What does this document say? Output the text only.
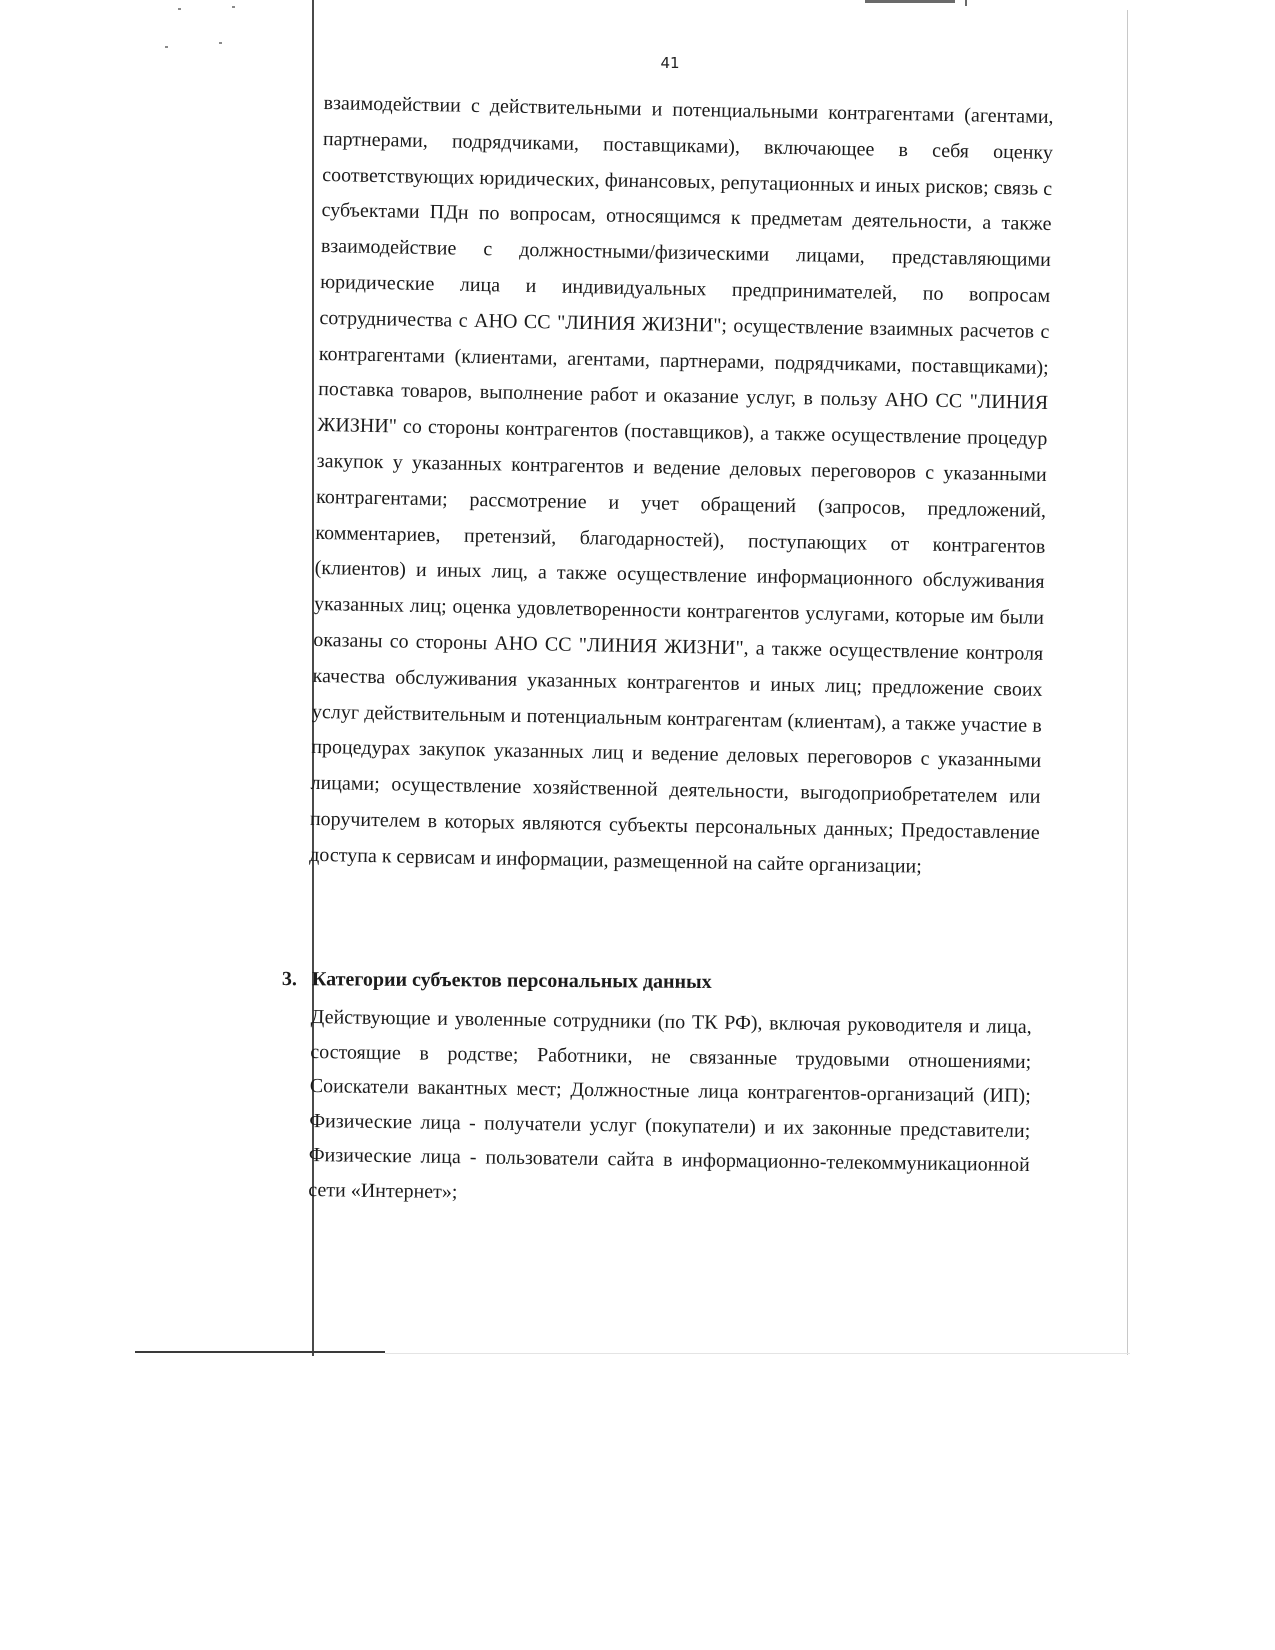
41

взаимодействии с действительными и потенциальными контрагентами (агентами, партнерами, подрядчиками, поставщиками), включающее в себя оценку соответствующих юридических, финансовых, репутационных и иных рисков; связь с субъектами ПДн по вопросам, относящимся к предметам деятельности, а также взаимодействие с должностными/физическими лицами, представляющими юридические лица и индивидуальных предпринимателей, по вопросам сотрудничества с АНО СС "ЛИНИЯ ЖИЗНИ"; осуществление взаимных расчетов с контрагентами (клиентами, агентами, партнерами, подрядчиками, поставщиками); поставка товаров, выполнение работ и оказание услуг, в пользу АНО СС "ЛИНИЯ ЖИЗНИ" со стороны контрагентов (поставщиков), а также осуществление процедур закупок у указанных контрагентов и ведение деловых переговоров с указанными контрагентами; рассмотрение и учет обращений (запросов, предложений, комментариев, претензий, благодарностей), поступающих от контрагентов (клиентов) и иных лиц, а также осуществление информационного обслуживания указанных лиц; оценка удовлетворенности контрагентов услугами, которые им были оказаны со стороны АНО СС "ЛИНИЯ ЖИЗНИ", а также осуществление контроля качества обслуживания указанных контрагентов и иных лиц; предложение своих услуг действительным и потенциальным контрагентам (клиентам), а также участие в процедурах закупок указанных лиц и ведение деловых переговоров с указанными лицами; осуществление хозяйственной деятельности, выгодоприобретателем или поручителем в которых являются субъекты персональных данных; Предоставление доступа к сервисам и информации, размещенной на сайте организации;

3. Категории субъектов персональных данных

Действующие и уволенные сотрудники (по ТК РФ), включая руководителя и лица, состоящие в родстве; Работники, не связанные трудовыми отношениями; Соискатели вакантных мест; Должностные лица контрагентов-организаций (ИП); Физические лица - получатели услуг (покупатели) и их законные представители; Физические лица - пользователи сайта в информационно-телекоммуникационной сети «Интернет»;
